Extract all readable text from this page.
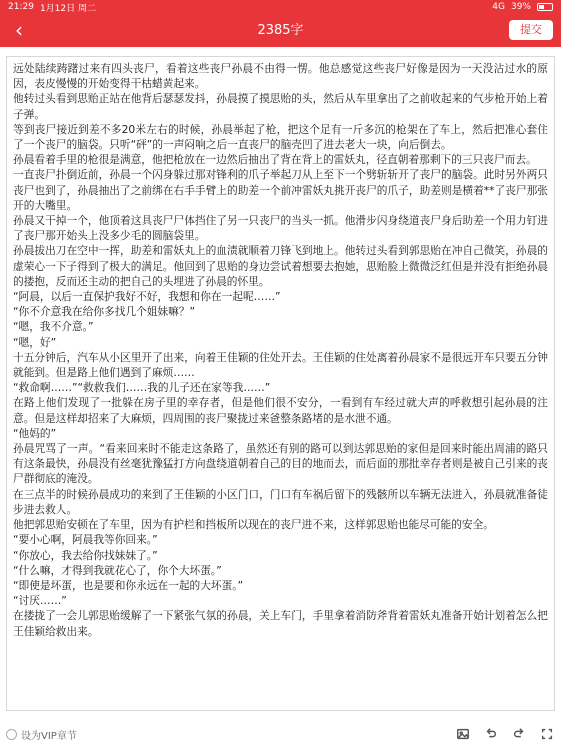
21:29 1月12日 周二	4G 39%
‹	2385字	提交
远处陆续踌躇过来有四头丧尸，看着这些丧尸孙晨不由得一愣。他总感觉这些丧尸好像是因为一天没沾过水的原因，表皮慢慢的开始变得干枯蜡黄起来。
他转过头看到思贻正站在他背后瑟瑟发抖，孙晨摸了摸思贻的头，然后从车里拿出了之前收起来的气步枪开始上着子弹。
等到丧尸接近到差不多20米左右的时候，孙晨举起了枪，把这个足有一斤多沉的枪架在了车上，然后把准心套住了一个丧尸的脑袋。只听“砰”的一声闷响之后一直丧尸的脑壳凹了进去老大一块，向后倒去。
孙晨看着手里的枪很是满意，他把枪放在一边然后抽出了背在背上的雷妖丸，径直朝着那剩下的三只丧尸而去。
一直丧尸扑倒近前，孙晨一个闪身躲过那对锋利的爪子举起刀从上至下一个劈斩斩开了丧尸的脑袋。此时另外两只丧尸也到了，孙晨抽出了之前绑在右手手臂上的助差一个前冲雷妖丸挑开丧尸的爪子，助差则是横着**了丧尸那张开的大嘴里。
孙晨又干掉一个，他顶着这具丧尸尸体挡住了另一只丧尸的当头一抓。他滑步闪身绕道丧尸身后助差一个用力钉进了丧尸那开始头上没多少毛的圆脑袋里。
孙晨拔出刀在空中一挥，助差和雷妖丸上的血渍就顺着刀锋飞到地上。他转过头看到郭思贻在冲自己微笑，孙晨的虚荣心一下子得到了极大的满足。他回到了思贻的身边尝试着想要去抱她，思贻脸上微微泛红但是并没有拒绝孙晨的搂抱，反而还主动的把自己的头埋进了孙晨的怀里。
“阿晨，以后一直保护我好不好，我想和你在一起呢……”
“你不介意我在给你多找几个姐妹嘛？”
“嗯，我不介意。”
“嗯，好”
十五分钟后，汽车从小区里开了出来，向着王佳颖的住处开去。王佳颖的住处离着孙晨家不是很远开车只要五分钟就能到。但是路上他们遇到了麻烦……
“救命啊……”“救救我们……我的儿子还在家等我……”
在路上他们发现了一批躲在房子里的幸存者，但是他们很不安分，一看到有车经过就大声的呼救想引起孙晨的注意。但是这样却招来了大麻烦，四周围的丧尸聚拢过来爸整条路堵的是水泄不通。
“他妈的”
孙晨咒骂了一声。“看来回来时不能走这条路了，虽然还有别的路可以到达郭思贻的家但是回来时能出周浦的路只有这条最快，孙晨没有丝毫犹豫猛打方向盘绕道朝着自己的目的地而去，而后面的那批幸存者则是被自己引来的丧尸群彻底的淹没。
在三点半的时候孙晨成功的来到了王佳颖的小区门口，门口有车祸后留下的残骸所以车辆无法进入，孙晨就准备徒步进去救人。
他把郭思贻安顿在了车里，因为有护栏和挡板所以现在的丧尸进不来，这样郭思贻也能尽可能的安全。
“要小心啊，阿晨我等你回来。”
“你放心，我去给你找妹妹了。”
“什么嘛，才得到我就花心了，你个大坏蛋。”
“即使是坏蛋，也是要和你永远在一起的大坏蛋。”
“讨厌……”
在搂拢了一会儿郭思贻缓解了一下紧张气氛的孙晨，关上车门，手里拿着消防斧背着雷妖丸准备开始计划着怎么把王佳颖给救出来。
设为VIP章节
